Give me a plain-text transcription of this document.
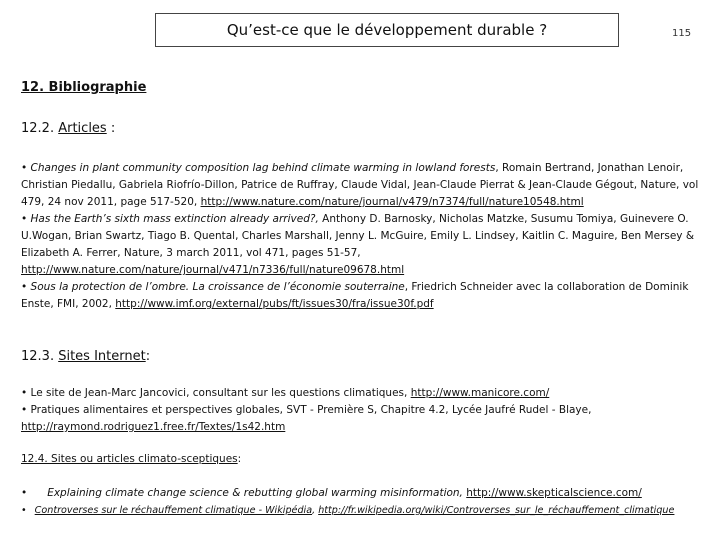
Qu’est-ce que le développement durable ?	115
12. Bibliographie
12.2. Articles :

• Changes in plant community composition lag behind climate warming in lowland forests, Romain Bertrand, Jonathan Lenoir, Christian Piedallu, Gabriela Riofrío-Dillon, Patrice de Ruffray, Claude Vidal, Jean-Claude Pierrat & Jean-Claude Gégout, Nature, vol 479, 24 nov 2011, page 517-520, http://www.nature.com/nature/journal/v479/n7374/full/nature10548.html

• Has the Earth’s sixth mass extinction already arrived?, Anthony D. Barnosky, Nicholas Matzke, Susumu Tomiya, Guinevere O. U.Wogan, Brian Swartz, Tiago B. Quental, Charles Marshall, Jenny L. McGuire, Emily L. Lindsey, Kaitlin C. Maguire, Ben Mersey & Elizabeth A. Ferrer, Nature, 3 march 2011, vol 471, pages 51-57, http://www.nature.com/nature/journal/v471/n7336/full/nature09678.html

• Sous la protection de l’ombre. La croissance de l’économie souterraine, Friedrich Schneider avec la collaboration de Dominik Enste, FMI, 2002, http://www.imf.org/external/pubs/ft/issues30/fra/issue30f.pdf

12.3. Sites Internet:

• Le site de Jean-Marc Jancovici, consultant sur les questions climatiques, http://www.manicore.com/

• Pratiques alimentaires et perspectives globales, SVT - Première S, Chapitre 4.2, Lycée Jaufré Rudel - Blaye, http://raymond.rodriguez1.free.fr/Textes/1s42.htm

12.4. Sites ou articles climato-sceptiques:
• Explaining climate change science & rebutting global warming misinformation, http://www.skepticalscience.com/
• Controverses sur le réchauffement climatique - Wikipédia, http://fr.wikipedia.org/wiki/Controverses_sur_le_réchauffement_climatique
